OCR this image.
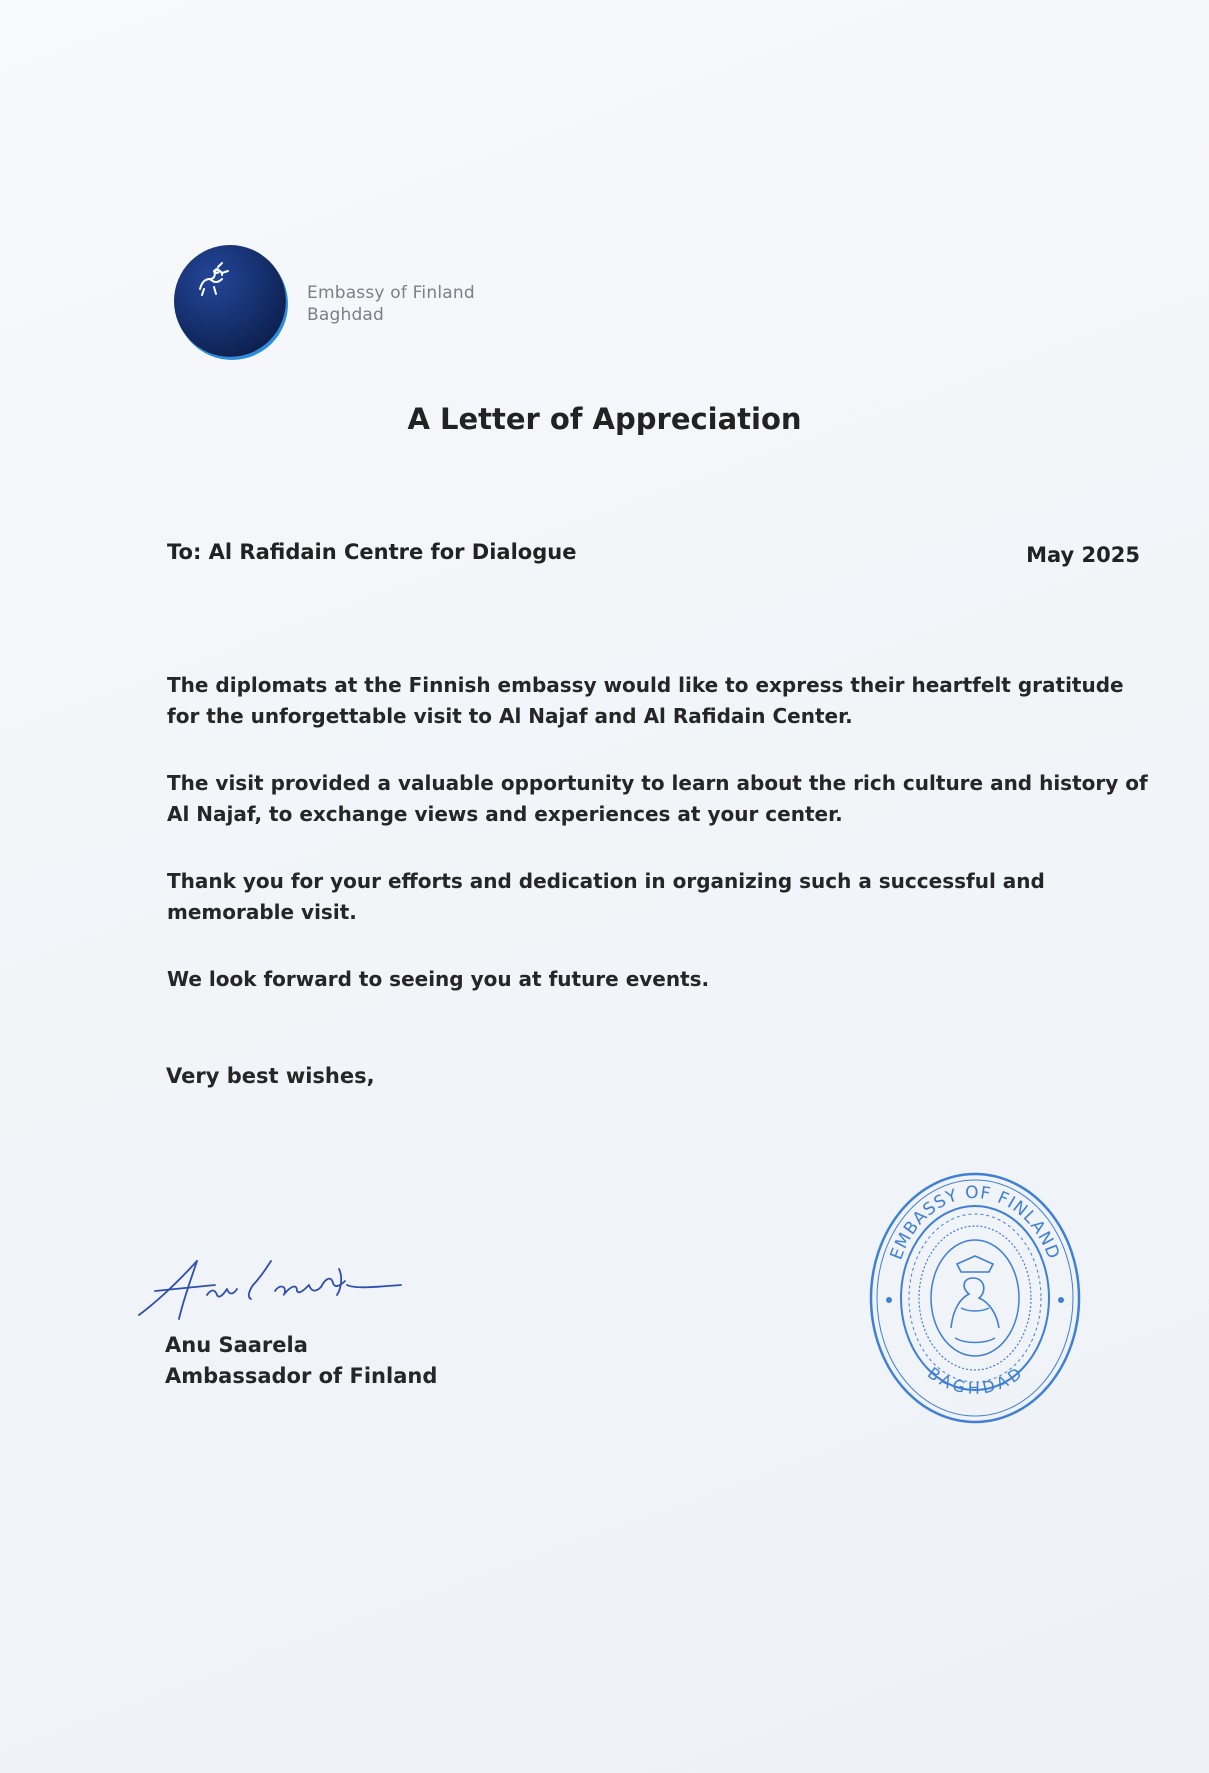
Embassy of Finland
Baghdad
A Letter of Appreciation
To: Al Rafidain Centre for Dialogue	May 2025

The diplomats at the Finnish embassy would like to express their heartfelt gratitude for the unforgettable visit to Al Najaf and Al Rafidain Center.

The visit provided a valuable opportunity to learn about the rich culture and history of Al Najaf, to exchange views and experiences at your center.

Thank you for your efforts and dedication in organizing such a successful and memorable visit.

We look forward to seeing you at future events.

Very best wishes,
Anu Saarela
Ambassador of Finland
EMBASSY OF FINLAND
BAGHDAD
